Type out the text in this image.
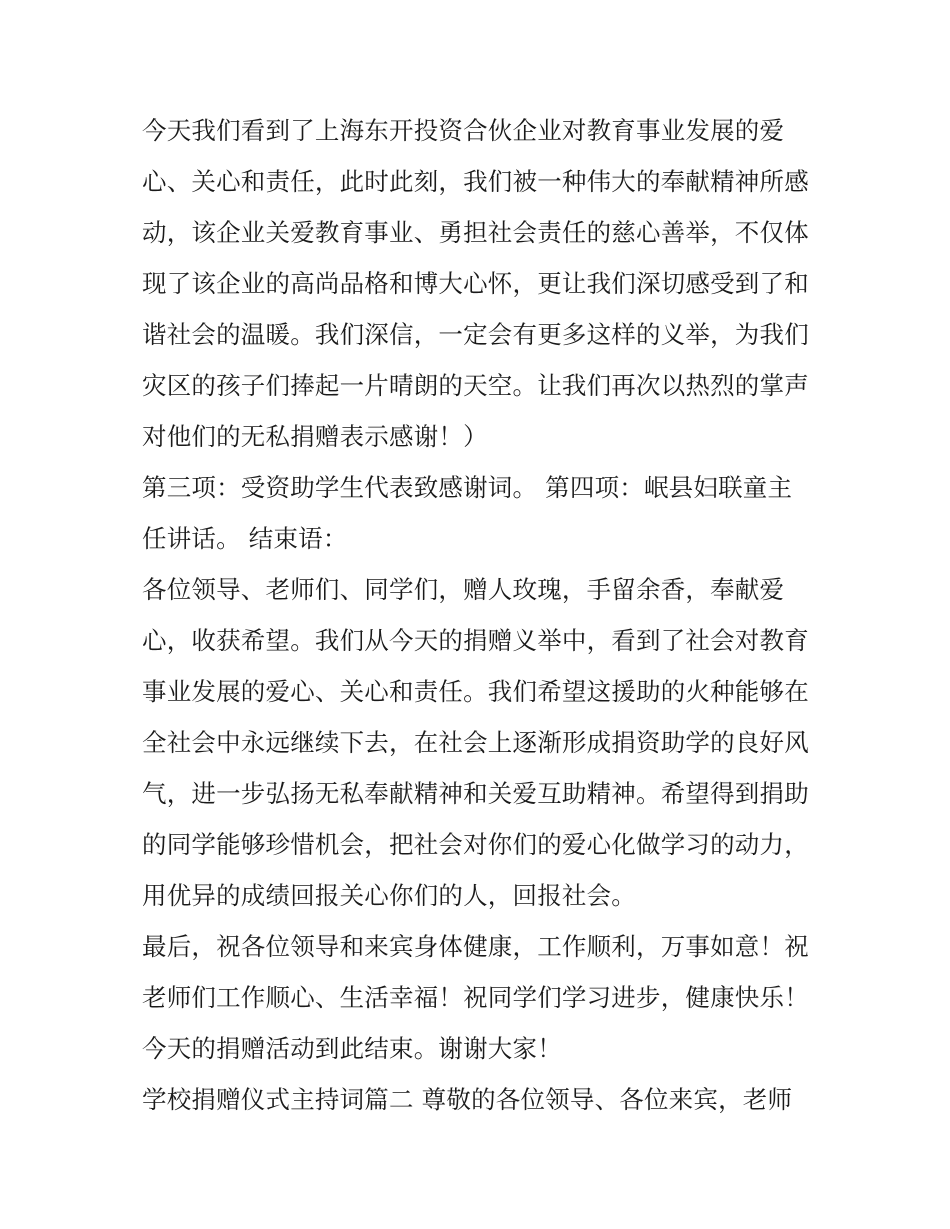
今天我们看到了上海东开投资合伙企业对教育事业发展的爱
心、关心和责任，此时此刻，我们被一种伟大的奉献精神所感
动，该企业关爱教育事业、勇担社会责任的慈心善举，不仅体
现了该企业的高尚品格和博大心怀，更让我们深切感受到了和
谐社会的温暖。我们深信，一定会有更多这样的义举，为我们
灾区的孩子们捧起一片晴朗的天空。让我们再次以热烈的掌声
对他们的无私捐赠表示感谢！）
第三项：受资助学生代表致感谢词。 第四项：岷县妇联童主
任讲话。 结束语：
各位领导、老师们、同学们，赠人玫瑰，手留余香，奉献爱
心，收获希望。我们从今天的捐赠义举中，看到了社会对教育
事业发展的爱心、关心和责任。我们希望这援助的火种能够在
全社会中永远继续下去，在社会上逐渐形成捐资助学的良好风
气，进一步弘扬无私奉献精神和关爱互助精神。希望得到捐助
的同学能够珍惜机会，把社会对你们的爱心化做学习的动力，
用优异的成绩回报关心你们的人，回报社会。
最后，祝各位领导和来宾身体健康，工作顺利，万事如意！祝
老师们工作顺心、生活幸福！祝同学们学习进步，健康快乐！
今天的捐赠活动到此结束。谢谢大家！
学校捐赠仪式主持词篇二 尊敬的各位领导、各位来宾，老师
